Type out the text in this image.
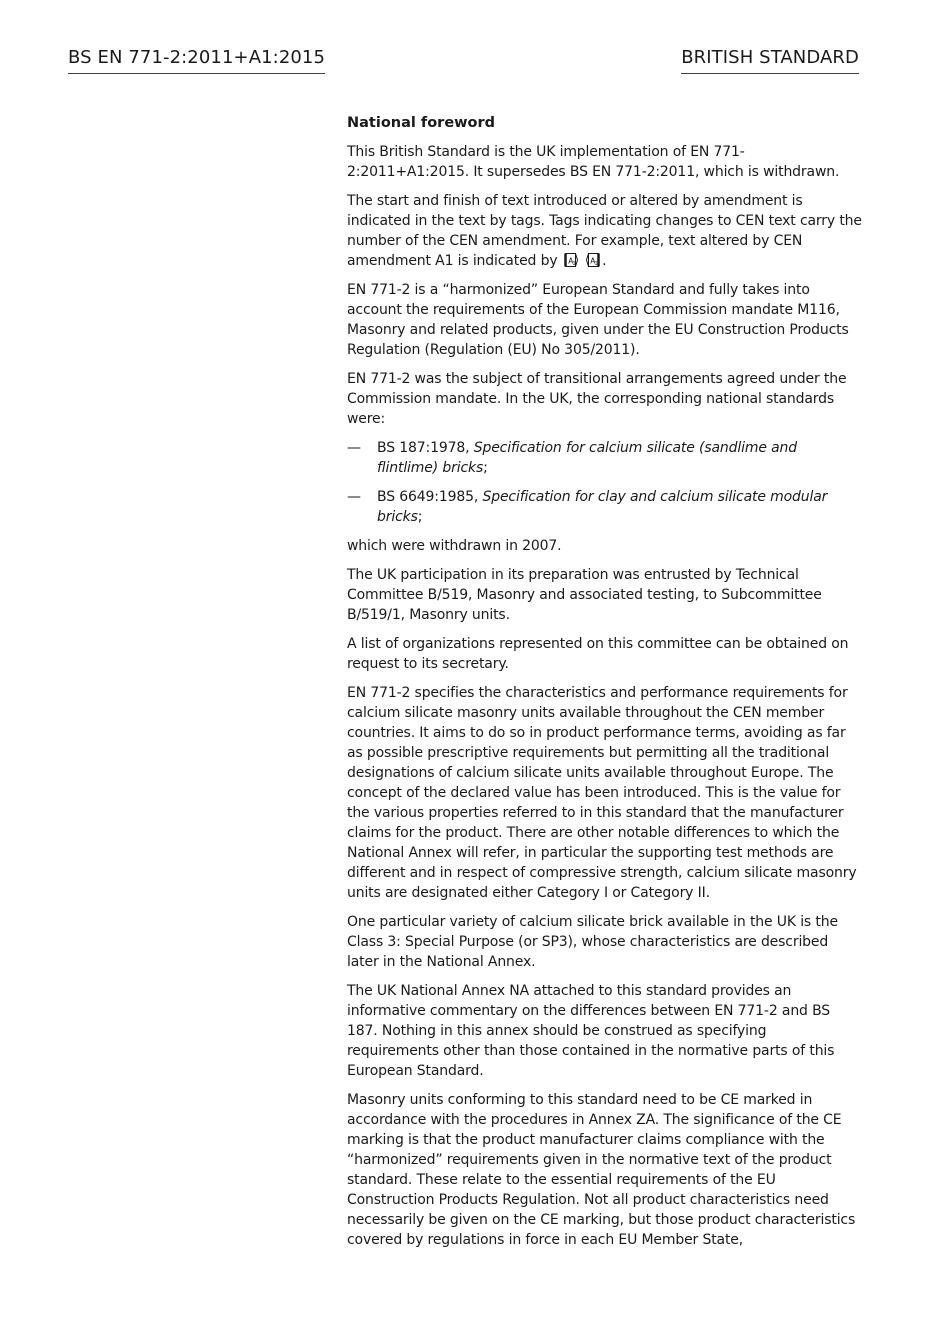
BS EN 771-2:2011+A1:2015	BRITISH STANDARD
National foreword

This British Standard is the UK implementation of EN 771-2:2011+A1:2015. It supersedes BS EN 771-2:2011, which is withdrawn.

The start and finish of text introduced or altered by amendment is indicated in the text by tags. Tags indicating changes to CEN text carry the number of the CEN amendment. For example, text altered by CEN amendment A1 is indicated by A 1
A 1 .

EN 771-2 is a “harmonized” European Standard and fully takes into account the requirements of the European Commission mandate M116, Masonry and related products, given under the EU Construction Products Regulation (Regulation (EU) No 305/2011).

EN 771-2 was the subject of transitional arrangements agreed under the Commission mandate. In the UK, the corresponding national standards were:

—	BS 187:1978, Specification for calcium silicate (sandlime and flintlime) bricks;
—	BS 6649:1985, Specification for clay and calcium silicate modular bricks;

which were withdrawn in 2007.

The UK participation in its preparation was entrusted by Technical Committee B/519, Masonry and associated testing, to Subcommittee B/519/1, Masonry units.

A list of organizations represented on this committee can be obtained on request to its secretary.

EN 771-2 specifies the characteristics and performance requirements for calcium silicate masonry units available throughout the CEN member countries. It aims to do so in product performance terms, avoiding as far as possible prescriptive requirements but permitting all the traditional designations of calcium silicate units available throughout Europe. The concept of the declared value has been introduced. This is the value for the various properties referred to in this standard that the manufacturer claims for the product. There are other notable differences to which the National Annex will refer, in particular the supporting test methods are different and in respect of compressive strength, calcium silicate masonry units are designated either Category I or Category II.

One particular variety of calcium silicate brick available in the UK is the Class 3: Special Purpose (or SP3), whose characteristics are described later in the National Annex.

The UK National Annex NA attached to this standard provides an informative commentary on the differences between EN 771-2 and BS 187. Nothing in this annex should be construed as specifying requirements other than those contained in the normative parts of this European Standard.

Masonry units conforming to this standard need to be CE marked in accordance with the procedures in Annex ZA. The significance of the CE marking is that the product manufacturer claims compliance with the “harmonized” requirements given in the normative text of the product standard. These relate to the essential requirements of the EU Construction Products Regulation. Not all product characteristics need necessarily be given on the CE marking, but those product characteristics covered by regulations in force in each EU Member State,
